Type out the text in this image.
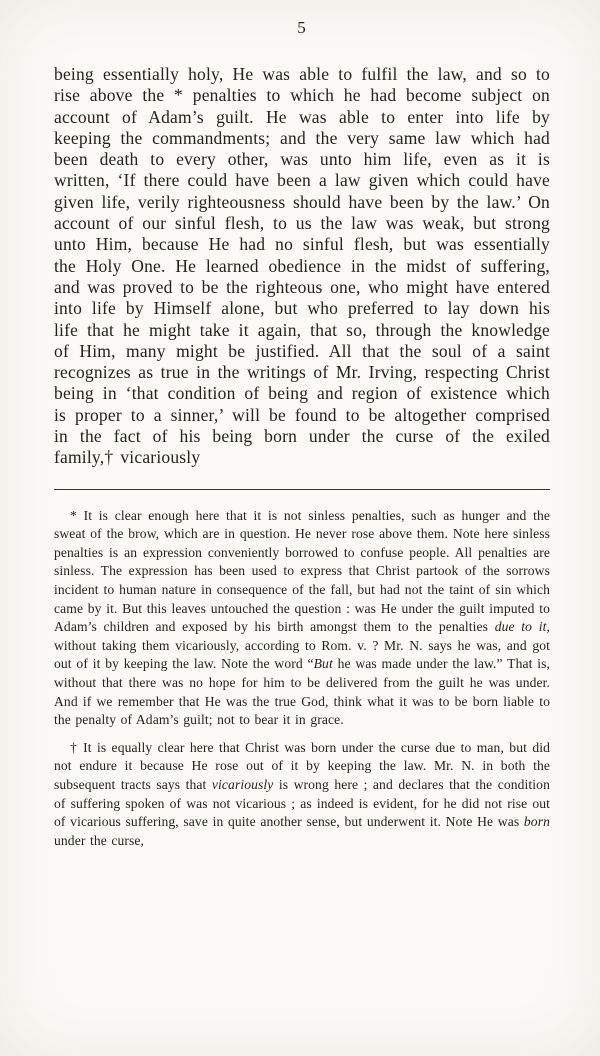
5
being essentially holy, He was able to fulfil the law, and so to rise above the * penalties to which he had become subject on account of Adam’s guilt. He was able to enter into life by keeping the commandments; and the very same law which had been death to every other, was unto him life, even as it is written, ‘If there could have been a law given which could have given life, verily righteousness should have been by the law.’ On account of our sinful flesh, to us the law was weak, but strong unto Him, because He had no sinful flesh, but was essentially the Holy One. He learned obedience in the midst of suffering, and was proved to be the righteous one, who might have entered into life by Himself alone, but who preferred to lay down his life that he might take it again, that so, through the knowledge of Him, many might be justified. All that the soul of a saint recognizes as true in the writings of Mr. Irving, respecting Christ being in ‘that condition of being and region of existence which is proper to a sinner,’ will be found to be altogether comprised in the fact of his being born under the curse of the exiled family,† vicariously
* It is clear enough here that it is not sinless penalties, such as hunger and the sweat of the brow, which are in question. He never rose above them. Note here sinless penalties is an expression conveniently borrowed to confuse people. All penalties are sinless. The expression has been used to express that Christ partook of the sorrows incident to human nature in consequence of the fall, but had not the taint of sin which came by it. But this leaves untouched the question : was He under the guilt imputed to Adam’s children and exposed by his birth amongst them to the penalties due to it, without taking them vicariously, according to Rom. v. ? Mr. N. says he was, and got out of it by keeping the law. Note the word “But he was made under the law.” That is, without that there was no hope for him to be delivered from the guilt he was under. And if we remember that He was the true God, think what it was to be born liable to the penalty of Adam’s guilt; not to bear it in grace.
† It is equally clear here that Christ was born under the curse due to man, but did not endure it because He rose out of it by keeping the law. Mr. N. in both the subsequent tracts says that vicariously is wrong here ; and declares that the condition of suffering spoken of was not vicarious ; as indeed is evident, for he did not rise out of vicarious suffering, save in quite another sense, but underwent it. Note He was born under the curse,
